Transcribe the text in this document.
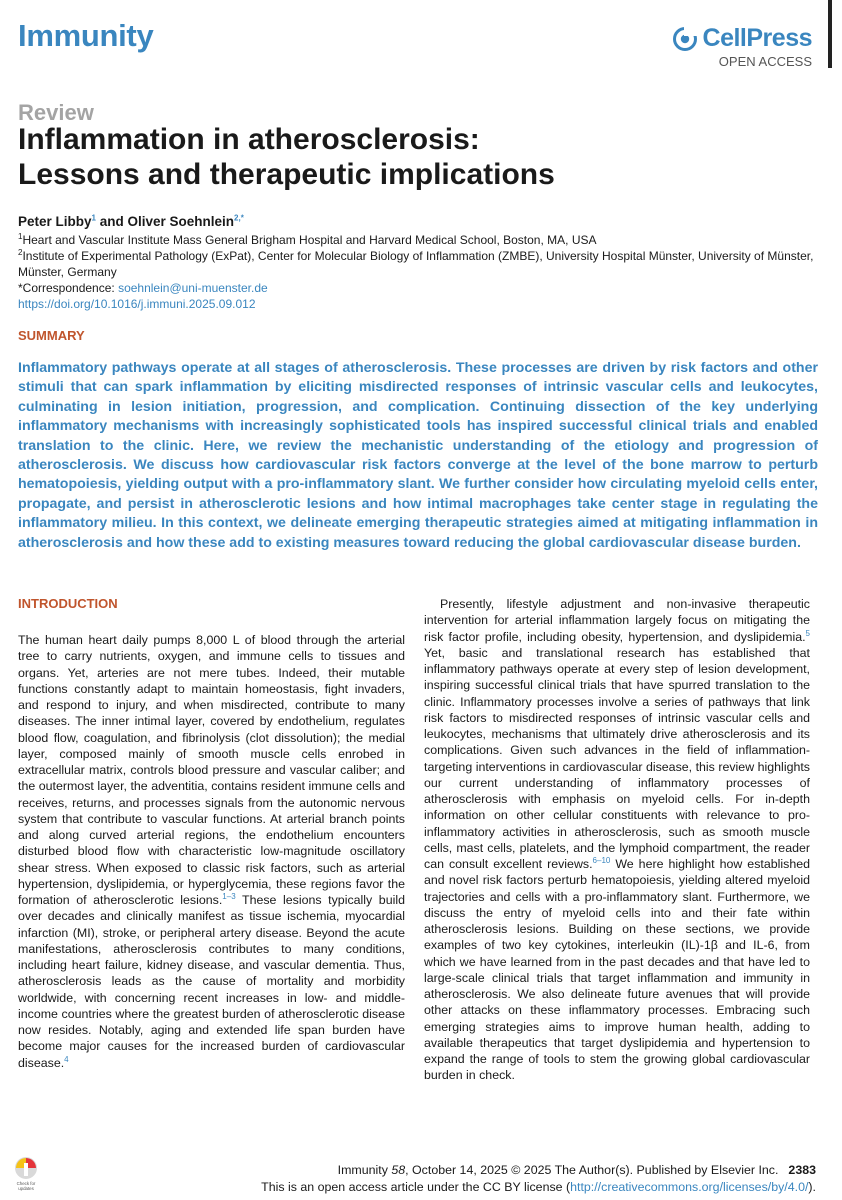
Immunity	CellPress
OPEN ACCESS
Review
Inflammation in atherosclerosis:
Lessons and therapeutic implications
Peter Libby$^1$ and Oliver Soehnlein$^{2,*}$
$^1$Heart and Vascular Institute Mass General Brigham Hospital and Harvard Medical School, Boston, MA, USA
$^2$Institute of Experimental Pathology (ExPat), Center for Molecular Biology of Inflammation (ZMBE), University Hospital Münster, University of Münster, Münster, Germany
*Correspondence: soehnlein@uni-muenster.de
https://doi.org/10.1016/j.immuni.2025.09.012
SUMMARY

Inflammatory pathways operate at all stages of atherosclerosis. These processes are driven by risk factors and other stimuli that can spark inflammation by eliciting misdirected responses of intrinsic vascular cells and leukocytes, culminating in lesion initiation, progression, and complication. Continuing dissection of the key underlying inflammatory mechanisms with increasingly sophisticated tools has inspired successful clinical trials and enabled translation to the clinic. Here, we review the mechanistic understanding of the etiology and progression of atherosclerosis. We discuss how cardiovascular risk factors converge at the level of the bone marrow to perturb hematopoiesis, yielding output with a pro-inflammatory slant. We further consider how circulating myeloid cells enter, propagate, and persist in atherosclerotic lesions and how intimal macrophages take center stage in regulating the inflammatory milieu. In this context, we delineate emerging therapeutic strategies aimed at mitigating inflammation in atherosclerosis and how these add to existing measures toward reducing the global cardiovascular disease burden.

INTRODUCTION

The human heart daily pumps 8,000 L of blood through the arterial tree to carry nutrients, oxygen, and immune cells to tissues and organs. Yet, arteries are not mere tubes. Indeed, their mutable functions constantly adapt to maintain homeostasis, fight invaders, and respond to injury, and when misdirected, contribute to many diseases. The inner intimal layer, covered by endothelium, regulates blood flow, coagulation, and fibrinolysis (clot dissolution); the medial layer, composed mainly of smooth muscle cells enrobed in extracellular matrix, controls blood pressure and vascular caliber; and the outermost layer, the adventitia, contains resident immune cells and receives, returns, and processes signals from the autonomic nervous system that contribute to vascular functions. At arterial branch points and along curved arterial regions, the endothelium encounters disturbed blood flow with characteristic low-magnitude oscillatory shear stress. When exposed to classic risk factors, such as arterial hypertension, dyslipidemia, or hyperglycemia, these regions favor the formation of atherosclerotic lesions.$^{1-3}$ These lesions typically build over decades and clinically manifest as tissue ischemia, myocardial infarction (MI), stroke, or peripheral artery disease. Beyond the acute manifestations, atherosclerosis contributes to many conditions, including heart failure, kidney disease, and vascular dementia. Thus, atherosclerosis leads as the cause of mortality and morbidity worldwide, with concerning recent increases in low- and middle-income countries where the greatest burden of atherosclerotic disease now resides. Notably, aging and extended life span burden have become major causes for the increased burden of cardiovascular disease.$^4$

Presently, lifestyle adjustment and non-invasive therapeutic intervention for arterial inflammation largely focus on mitigating the risk factor profile, including obesity, hypertension, and dyslipidemia.$^5$ Yet, basic and translational research has established that inflammatory pathways operate at every step of lesion development, inspiring successful clinical trials that have spurred translation to the clinic. Inflammatory processes involve a series of pathways that link risk factors to misdirected responses of intrinsic vascular cells and leukocytes, mechanisms that ultimately drive atherosclerosis and its complications. Given such advances in the field of inflammation-targeting interventions in cardiovascular disease, this review highlights our current understanding of inflammatory processes of atherosclerosis with emphasis on myeloid cells. For in-depth information on other cellular constituents with relevance to pro-inflammatory activities in atherosclerosis, such as smooth muscle cells, mast cells, platelets, and the lymphoid compartment, the reader can consult excellent reviews.$^{6-10}$ We here highlight how established and novel risk factors perturb hematopoiesis, yielding altered myeloid trajectories and cells with a pro-inflammatory slant. Furthermore, we discuss the entry of myeloid cells into and their fate within atherosclerosis lesions. Building on these sections, we provide examples of two key cytokines, interleukin (IL)-1β and IL-6, from which we have learned from in the past decades and that have led to large-scale clinical trials that target inflammation and immunity in atherosclerosis. We also delineate future avenues that will provide other attacks on these inflammatory processes. Embracing such emerging strategies aims to improve human health, adding to available therapeutics that target dyslipidemia and hypertension to expand the range of tools to stem the growing global cardiovascular burden in check.

Check for
updates
Immunity 58, October 14, 2025 © 2025 The Author(s). Published by Elsevier Inc. 2383
This is an open access article under the CC BY license (http://creativecommons.org/licenses/by/4.0/).
